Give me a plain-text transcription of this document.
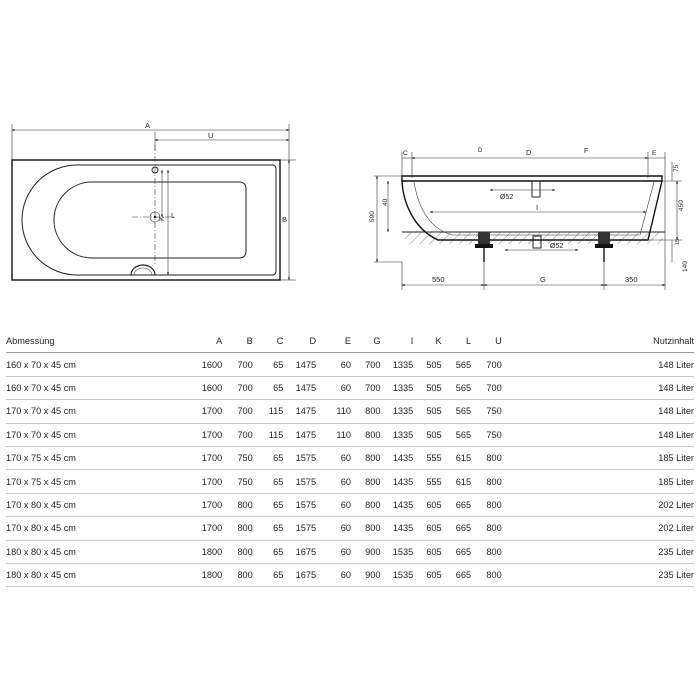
A
U
B
K L
C	D	D	F	E
Ø52
I
Ø52
590
40
75
450
15
140
550	G	350
Abmessung	A	B	C	D	E	G	I	K	L	U	Nutzinhalt
160 x 70 x 45 cm	1600	700	65	1475	60	700	1335	505	565	700	148 Liter
160 x 70 x 45 cm	1600	700	65	1475	60	700	1335	505	565	700	148 Liter
170 x 70 x 45 cm	1700	700	115	1475	110	800	1335	505	565	750	148 Liter
170 x 70 x 45 cm	1700	700	115	1475	110	800	1335	505	565	750	148 Liter
170 x 75 x 45 cm	1700	750	65	1575	60	800	1435	555	615	800	185 Liter
170 x 75 x 45 cm	1700	750	65	1575	60	800	1435	555	615	800	185 Liter
170 x 80 x 45 cm	1700	800	65	1575	60	800	1435	605	665	800	202 Liter
170 x 80 x 45 cm	1700	800	65	1575	60	800	1435	605	665	800	202 Liter
180 x 80 x 45 cm	1800	800	65	1675	60	900	1535	605	665	800	235 Liter
180 x 80 x 45 cm	1800	800	65	1675	60	900	1535	605	665	800	235 Liter
